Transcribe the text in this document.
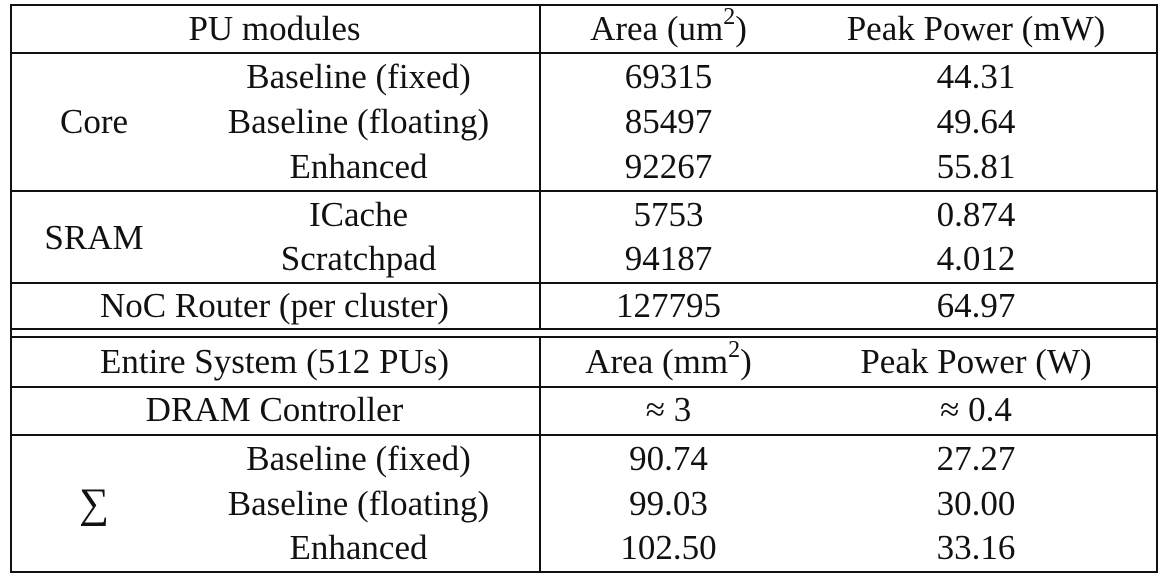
PU modules	Area $(um^2)$	Peak Power (mW)
Core
Baseline (fixed)	69315	44.31
Baseline (floating)	85497	49.64
Enhanced	92267	55.81
SRAM
ICache	5753	0.874
Scratchpad	94187	4.012
NoC Router (per cluster)	127795	64.97
Entire System (512 PUs)	Area $(mm^2)$	Peak Power (W)
DRAM Controller	≈ 3	≈ 0.4
∑
Baseline (fixed)	90.74	27.27
Baseline (floating)	99.03	30.00
Enhanced	102.50	33.16
